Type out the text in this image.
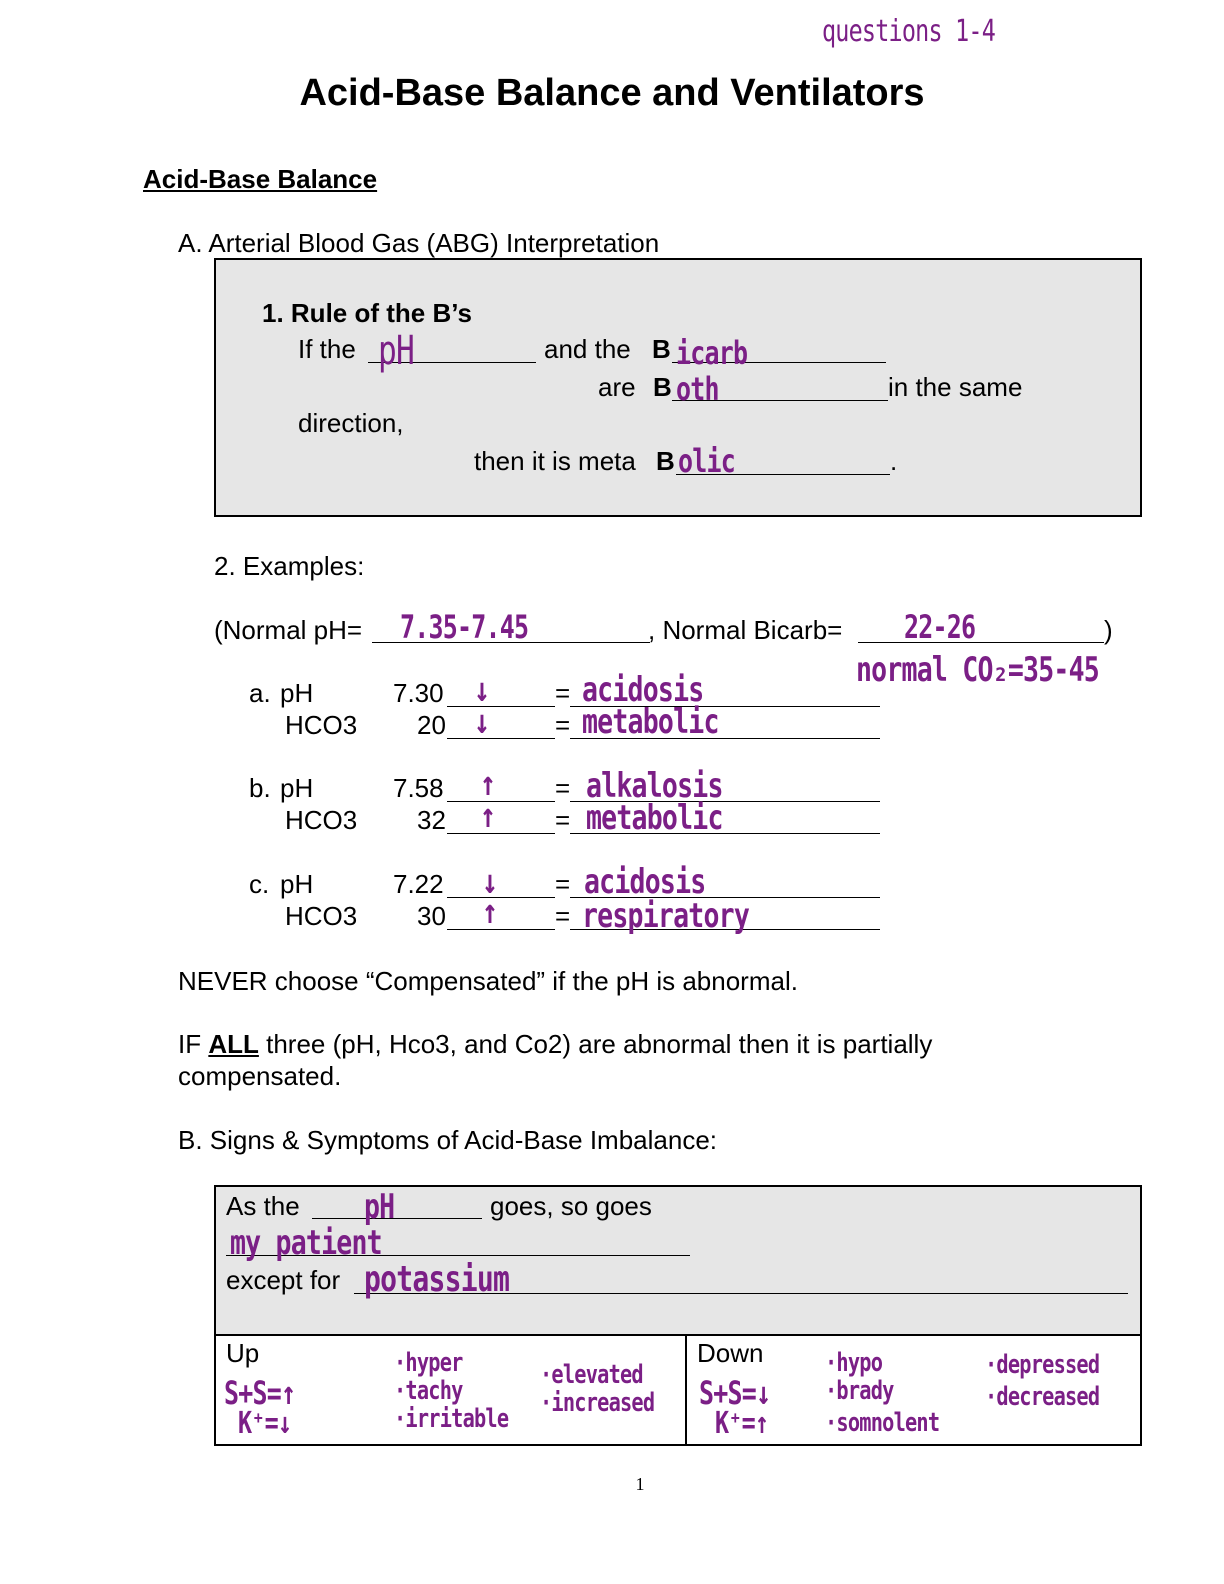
questions 1-4
Acid-Base Balance and Ventilators
Acid-Base Balance
A. Arterial Blood Gas (ABG) Interpretation
1. Rule of the B’s
If the pH	and the B icarb
are B oth	in the same
direction,
then it is meta B olic	.
2. Examples:
(Normal pH= 7.35-7.45	, Normal Bicarb= 22-26	)
normal CO₂=35-45
a. pH	7.30 ↓	= acidosis
HCO3 20 ↓	= metabolic
b. pH	7.58 ↑ = alkalosis
HCO3 32 ↑ = metabolic
c. pH	7.22 ↓ = acidosis
HCO3 30 ↑ = respiratory
NEVER choose “Compensated” if the pH is abnormal.
IF ALL three (pH, Hco3, and Co2) are abnormal then it is partially
compensated.
B. Signs & Symptoms of Acid-Base Imbalance:
As the pH	goes, so goes
my patient
except for potassium
Up
S+S=↑
K⁺=↓
·hyper
·tachy
·irritable
·elevated
·increased
Down
S+S=↓
K⁺=↑
·hypo
·brady
·somnolent
·depressed
·decreased
1
